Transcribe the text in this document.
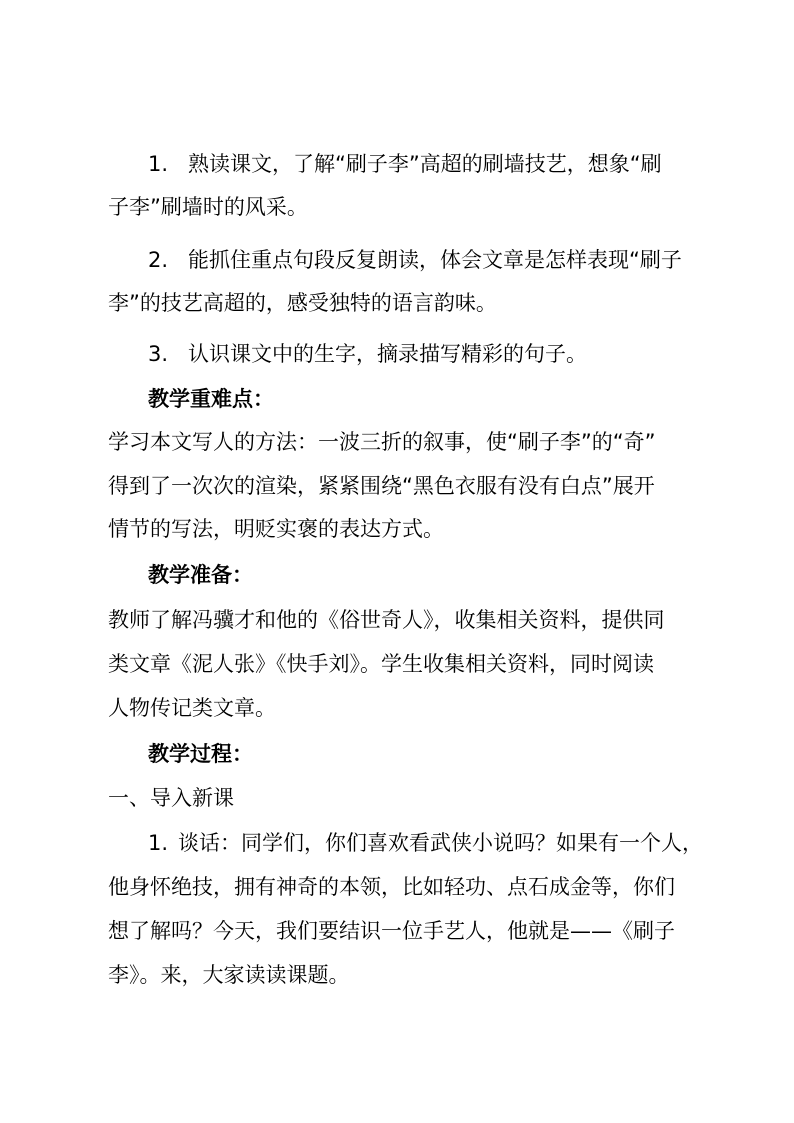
1. 熟读课文，了解“刷子李”高超的刷墙技艺，想象“刷
子李”刷墙时的风采。
2. 能抓住重点句段反复朗读，体会文章是怎样表现“刷子
李”的技艺高超的，感受独特的语言韵味。
3. 认识课文中的生字，摘录描写精彩的句子。
教学重难点：
学习本文写人的方法：一波三折的叙事，使“刷子李”的“奇”
得到了一次次的渲染，紧紧围绕“黑色衣服有没有白点”展开
情节的写法，明贬实褒的表达方式。
教学准备：
教师了解冯骥才和他的《俗世奇人》，收集相关资料，提供同
类文章《泥人张》《快手刘》。学生收集相关资料，同时阅读
人物传记类文章。
教学过程：
一、导入新课
1. 谈话：同学们，你们喜欢看武侠小说吗？如果有一个人，
他身怀绝技，拥有神奇的本领，比如轻功、点石成金等，你们
想了解吗？今天，我们要结识一位手艺人，他就是——《刷子
李》。来，大家读读课题。
